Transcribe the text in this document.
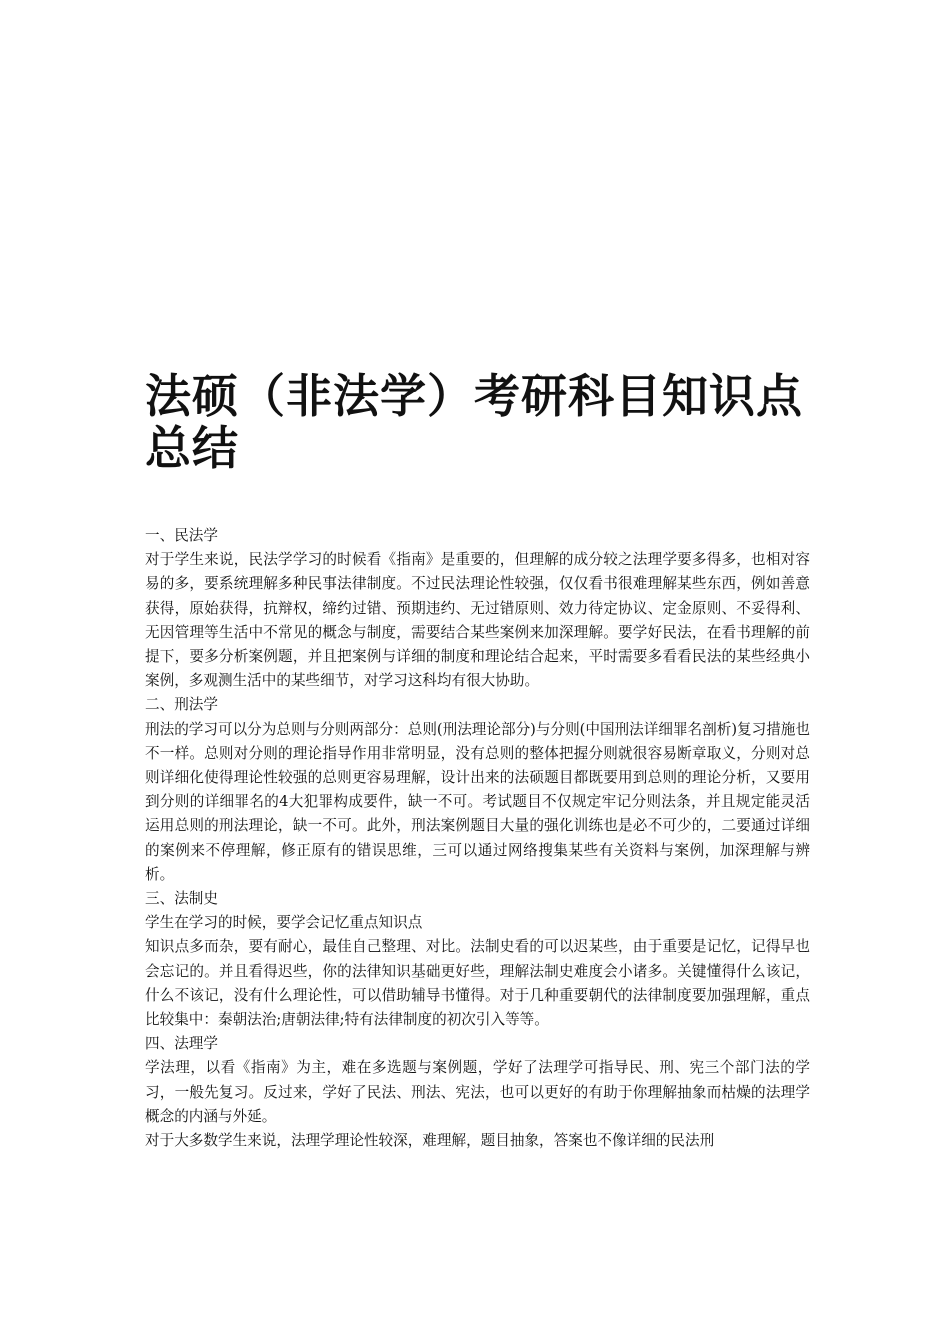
法硕（非法学）考研科目知识点总结

一、民法学

对于学生来说，民法学学习的时候看《指南》是重要的，但理解的成分较之法理学要多得多，也相对容易的多，要系统理解多种民事法律制度。不过民法理论性较强，仅仅看书很难理解某些东西，例如善意获得，原始获得，抗辩权，缔约过错、预期违约、无过错原则、效力待定协议、定金原则、不妥得利、无因管理等生活中不常见的概念与制度，需要结合某些案例来加深理解。要学好民法，在看书理解的前提下，要多分析案例题，并且把案例与详细的制度和理论结合起来，平时需要多看看民法的某些经典小案例，多观测生活中的某些细节，对学习这科均有很大协助。

二、刑法学

刑法的学习可以分为总则与分则两部分：总则(刑法理论部分)与分则(中国刑法详细罪名剖析)复习措施也不一样。总则对分则的理论指导作用非常明显，没有总则的整体把握分则就很容易断章取义，分则对总则详细化使得理论性较强的总则更容易理解，设计出来的法硕题目都既要用到总则的理论分析，又要用到分则的详细罪名的4大犯罪构成要件，缺一不可。考试题目不仅规定牢记分则法条，并且规定能灵活运用总则的刑法理论，缺一不可。此外，刑法案例题目大量的强化训练也是必不可少的，二要通过详细的案例来不停理解，修正原有的错误思维，三可以通过网络搜集某些有关资料与案例，加深理解与辨析。

三、法制史

学生在学习的时候，要学会记忆重点知识点

知识点多而杂，要有耐心，最佳自己整理、对比。法制史看的可以迟某些，由于重要是记忆，记得早也会忘记的。并且看得迟些，你的法律知识基础更好些，理解法制史难度会小诸多。关键懂得什么该记，什么不该记，没有什么理论性，可以借助辅导书懂得。对于几种重要朝代的法律制度要加强理解，重点比较集中：秦朝法治;唐朝法律;特有法律制度的初次引入等等。

四、法理学

学法理，以看《指南》为主，难在多选题与案例题，学好了法理学可指导民、刑、宪三个部门法的学习，一般先复习。反过来，学好了民法、刑法、宪法，也可以更好的有助于你理解抽象而枯燥的法理学概念的内涵与外延。

对于大多数学生来说，法理学理论性较深，难理解，题目抽象，答案也不像详细的民法刑
